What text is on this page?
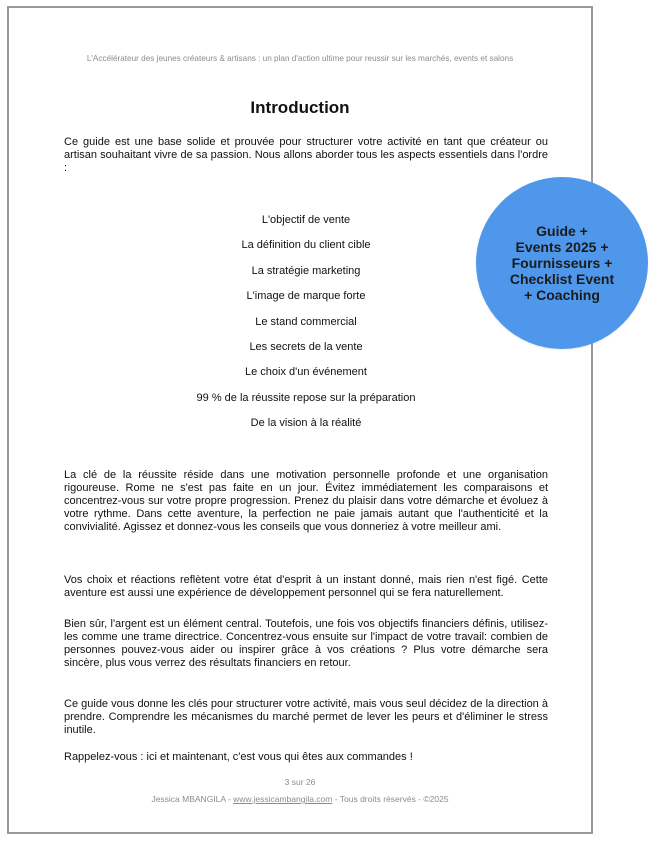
L'Accélérateur des jeunes créateurs & artisans : un plan d'action ultime pour reussir sur les marchés, events et salons
Introduction

Ce guide est une base solide et prouvée pour structurer votre activité en tant que créateur ou artisan souhaitant vivre de sa passion. Nous allons aborder tous les aspects essentiels dans l'ordre :

L'objectif de vente
La définition du client cible
La stratégie marketing
L'image de marque forte
Le stand commercial
Les secrets de la vente
Le choix d'un événement
99 % de la réussite repose sur la préparation
De la vision à la réalité

La clé de la réussite réside dans une motivation personnelle profonde et une organisation rigoureuse. Rome ne s'est pas faite en un jour. Évitez immédiatement les comparaisons et concentrez-vous sur votre propre progression. Prenez du plaisir dans votre démarche et évoluez à votre rythme. Dans cette aventure, la perfection ne paie jamais autant que l'authenticité et la convivialité. Agissez et donnez-vous les conseils que vous donneriez à votre meilleur ami.

Vos choix et réactions reflètent votre état d'esprit à un instant donné, mais rien n'est figé. Cette aventure est aussi une expérience de développement personnel qui se fera naturellement.

Bien sûr, l'argent est un élément central. Toutefois, une fois vos objectifs financiers définis, utilisez-les comme une trame directrice. Concentrez-vous ensuite sur l'impact de votre travail: combien de personnes pouvez-vous aider ou inspirer grâce à vos créations ? Plus votre démarche sera sincère, plus vous verrez des résultats financiers en retour.

Ce guide vous donne les clés pour structurer votre activité, mais vous seul décidez de la direction à prendre. Comprendre les mécanismes du marché permet de lever les peurs et d'éliminer le stress inutile.

Rappelez-vous : ici et maintenant, c'est vous qui êtes aux commandes !

3 sur 26
Jessica MBANGILA - www.jessicambangila.com - Tous droits réservés - ©2025
Guide +
Events 2025 +
Fournisseurs +
Checklist Event
+ Coaching
